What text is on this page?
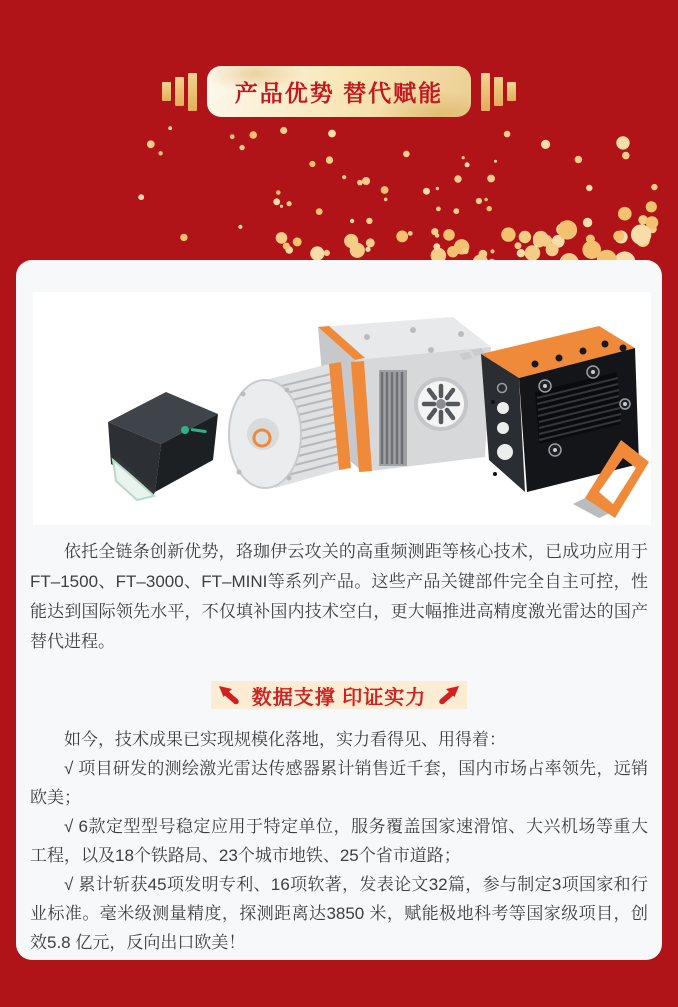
产品优势 替代赋能

依托全链条创新优势，珞珈伊云攻关的高重频测距等核心技术，已成功应用于FT–1500、FT–3000、FT–MINI等系列产品。这些产品关键部件完全自主可控，性能达到国际领先水平，不仅填补国内技术空白，更大幅推进高精度激光雷达的国产替代进程。

数据支撑 印证实力

如今，技术成果已实现规模化落地，实力看得见、用得着：

√ 项目研发的测绘激光雷达传感器累计销售近千套，国内市场占率领先，远销欧美；

√ 6款定型型号稳定应用于特定单位，服务覆盖国家速滑馆、大兴机场等重大工程，以及18个铁路局、23个城市地铁、25个省市道路；

√ 累计斩获45项发明专利、16项软著，发表论文32篇，参与制定3项国家和行业标准。毫米级测量精度，探测距离达3850 米，赋能极地科考等国家级项目，创效5.8 亿元，反向出口欧美！
